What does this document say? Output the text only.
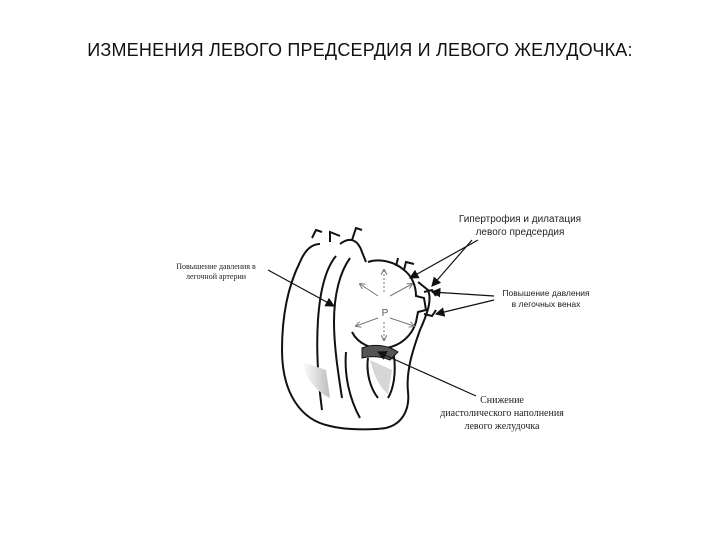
ИЗМЕНЕНИЯ ЛЕВОГО ПРЕДСЕРДИЯ И ЛЕВОГО ЖЕЛУДОЧКА:
P
Гипертрофия и дилатация
левого предсердия
Повышение давления в
легочной артерии
Повышение давления
в легочных венах
Снижение
диастолического наполнения
левого желудочка
